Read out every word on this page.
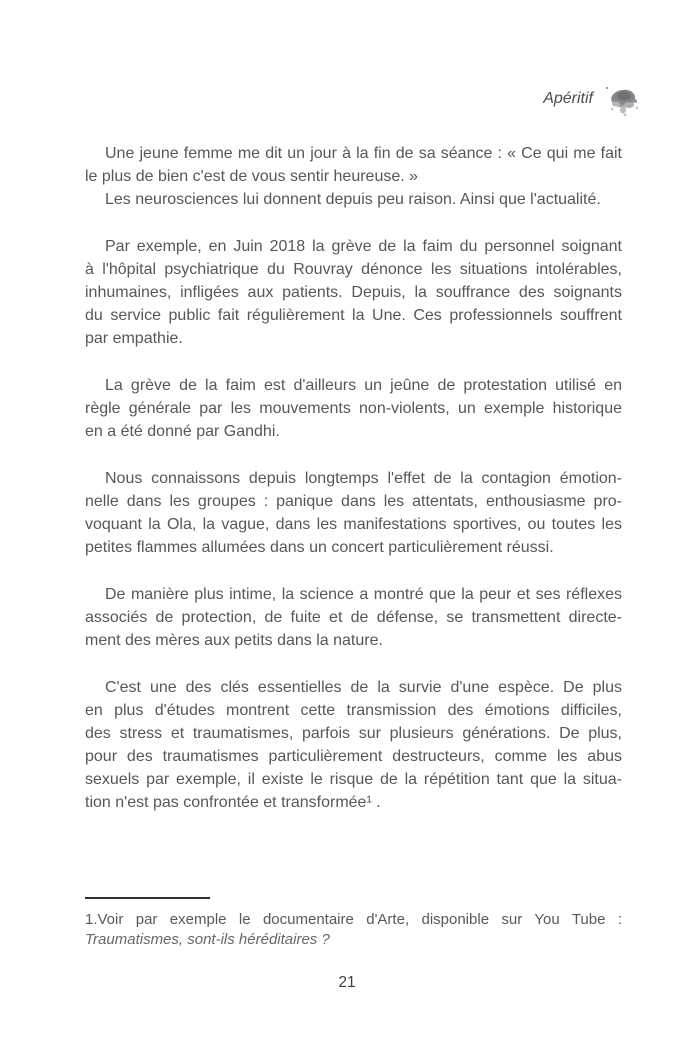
Apéritif
Une jeune femme me dit un jour à la fin de sa séance : « Ce qui me fait
le plus de bien c'est de vous sentir heureuse. »
Les neurosciences lui donnent depuis peu raison. Ainsi que l'actualité.
Par exemple, en Juin 2018 la grève de la faim du personnel soignant
à l'hôpital psychiatrique du Rouvray dénonce les situations intolérables,
inhumaines, infligées aux patients. Depuis, la souffrance des soignants
du service public fait régulièrement la Une. Ces professionnels souffrent
par empathie.
La grève de la faim est d'ailleurs un jeûne de protestation utilisé en
règle générale par les mouvements non-violents, un exemple historique
en a été donné par Gandhi.
Nous connaissons depuis longtemps l'effet de la contagion émotion-
nelle dans les groupes : panique dans les attentats, enthousiasme pro-
voquant la Ola, la vague, dans les manifestations sportives, ou toutes les
petites flammes allumées dans un concert particulièrement réussi.
De manière plus intime, la science a montré que la peur et ses réflexes
associés de protection, de fuite et de défense, se transmettent directe-
ment des mères aux petits dans la nature.
C'est une des clés essentielles de la survie d'une espèce. De plus
en plus d'études montrent cette transmission des émotions difficiles,
des stress et traumatismes, parfois sur plusieurs générations. De plus,
pour des traumatismes particulièrement destructeurs, comme les abus
sexuels par exemple, il existe le risque de la répétition tant que la situa-
tion n'est pas confrontée et transformée¹ .
1.Voir par exemple le documentaire d'Arte, disponible sur You Tube :
Traumatismes, sont-ils héréditaires ?
21
